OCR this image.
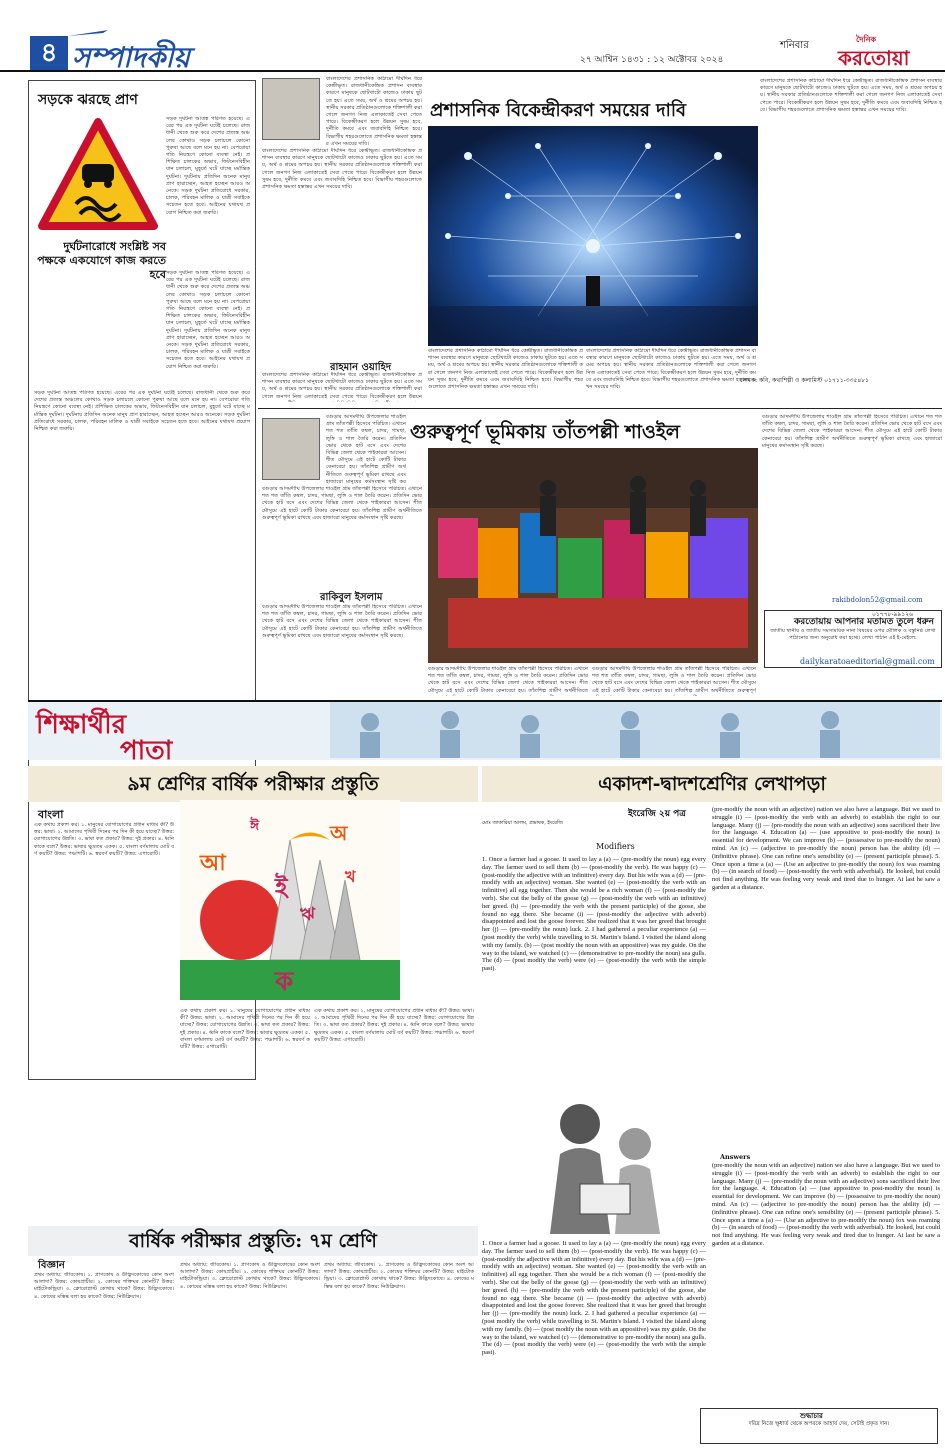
৪ সম্পাদকীয়	শনিবার
২৭ আশ্বিন ১৪৩১ : ১২ অক্টোবর ২০২৪
দৈনিক
করতোয়া
সড়কে ঝরছে প্রাণ
সড়ক দুর্ঘটনা আতঙ্ক পরিণত হয়েছে। এরের পর এক দুর্ঘটনা ঘটেই চলেছে। রাজধানী থেকে শুরু করে দেশের প্রত্যন্ত অঞ্চলের কোথাও সড়ক চলাচলে কোনো পুরুষা আছে বলে মনে হয় না। বেপরোয়া গতি নিয়ন্ত্রণে কোনো ব্যবস্থা নেই। প্রশিক্ষিত চালকের অভাব, ফিটনেসবিহীন যান চলাচল, মুহূর্তে ঘটে যাচ্ছে মর্মান্তিক দুর্ঘটনা। দুর্ঘটনায় প্রতিদিন অনেক মানুষ প্রাণ হারাচ্ছেন, আহত হচ্ছেন আরও অনেকে। সড়ক দুর্ঘটনা প্রতিরোধে সরকার, চালক, পরিবহন মালিক ও যাত্রী সবাইকে সচেতন হতে হবে। আইনের যথাযথ প্রয়োগ নিশ্চিত করা জরুরি।
দুর্ঘটনারোধে সংশ্লিষ্ট সব পক্ষকে একযোগে কাজ করতে হবে সড়ক দুর্ঘটনা আতঙ্ক পরিণত হয়েছে। এরের পর এক দুর্ঘটনা ঘটেই চলেছে। রাজধানী থেকে শুরু করে দেশের প্রত্যন্ত অঞ্চলের কোথাও সড়ক চলাচলে কোনো পুরুষা আছে বলে মনে হয় না। বেপরোয়া গতি নিয়ন্ত্রণে কোনো ব্যবস্থা নেই। প্রশিক্ষিত চালকের অভাব, ফিটনেসবিহীন যান চলাচল, মুহূর্তে ঘটে যাচ্ছে মর্মান্তিক দুর্ঘটনা। দুর্ঘটনায় প্রতিদিন অনেক মানুষ প্রাণ হারাচ্ছেন, আহত হচ্ছেন আরও অনেকে। সড়ক দুর্ঘটনা প্রতিরোধে সরকার, চালক, পরিবহন মালিক ও যাত্রী সবাইকে সচেতন হতে হবে। আইনের যথাযথ প্রয়োগ নিশ্চিত করা জরুরি।
সড়ক দুর্ঘটনা আতঙ্ক পরিণত হয়েছে। এরের পর এক দুর্ঘটনা ঘটেই চলেছে। রাজধানী থেকে শুরু করে দেশের প্রত্যন্ত অঞ্চলের কোথাও সড়ক চলাচলে কোনো পুরুষা আছে বলে মনে হয় না। বেপরোয়া গতি নিয়ন্ত্রণে কোনো ব্যবস্থা নেই। প্রশিক্ষিত চালকের অভাব, ফিটনেসবিহীন যান চলাচল, মুহূর্তে ঘটে যাচ্ছে মর্মান্তিক দুর্ঘটনা। দুর্ঘটনায় প্রতিদিন অনেক মানুষ প্রাণ হারাচ্ছেন, আহত হচ্ছেন আরও অনেকে। সড়ক দুর্ঘটনা প্রতিরোধে সরকার, চালক, পরিবহন মালিক ও যাত্রী সবাইকে সচেতন হতে হবে। আইনের যথাযথ প্রয়োগ নিশ্চিত করা জরুরি।
বাংলাদেশের প্রশাসনিক কাঠামো দীর্ঘদিন ধরে কেন্দ্রীভূত। রাজধানীকেন্দ্রিক প্রশাসন ব্যবস্থার কারণে মানুষকে ছোটখাটো কাজেও ঢাকায় ছুটতে হয়। এতে সময়, অর্থ ও শ্রমের অপচয় হয়। স্থানীয় সরকার প্রতিষ্ঠানগুলোকে শক্তিশালী করা গেলে জনগণ নিজ এলাকাতেই সেবা পেতে পারে। বিকেন্দ্রীকরণ হলে উন্নয়ন সুষম হবে, দুর্নীতি কমবে এবং জবাবদিহি নিশ্চিত হবে। বিভাগীয় শহরগুলোতে প্রশাসনিক ক্ষমতা হস্তান্তর এখন সময়ের দাবি।
বাংলাদেশের প্রশাসনিক কাঠামো দীর্ঘদিন ধরে কেন্দ্রীভূত। রাজধানীকেন্দ্রিক প্রশাসন ব্যবস্থার কারণে মানুষকে ছোটখাটো কাজেও ঢাকায় ছুটতে হয়। এতে সময়, অর্থ ও শ্রমের অপচয় হয়। স্থানীয় সরকার প্রতিষ্ঠানগুলোকে শক্তিশালী করা গেলে জনগণ নিজ এলাকাতেই সেবা পেতে পারে। বিকেন্দ্রীকরণ হলে উন্নয়ন সুষম হবে, দুর্নীতি কমবে এবং জবাবদিহি নিশ্চিত হবে। বিভাগীয় শহরগুলোতে প্রশাসনিক ক্ষমতা হস্তান্তর এখন সময়ের দাবি।
প্রশাসনিক বিকেন্দ্রীকরণ সময়ের দাবি
বাংলাদেশের প্রশাসনিক কাঠামো দীর্ঘদিন ধরে কেন্দ্রীভূত। রাজধানীকেন্দ্রিক প্রশাসন ব্যবস্থার কারণে মানুষকে ছোটখাটো কাজেও ঢাকায় ছুটতে হয়। এতে সময়, অর্থ ও শ্রমের অপচয় হয়। স্থানীয় সরকার প্রতিষ্ঠানগুলোকে শক্তিশালী করা গেলে জনগণ নিজ এলাকাতেই সেবা পেতে পারে। বিকেন্দ্রীকরণ হলে উন্নয়ন সুষম হবে, দুর্নীতি কমবে এবং জবাবদিহি নিশ্চিত হবে। বিভাগীয় শহরগুলোতে প্রশাসনিক ক্ষমতা হস্তান্তর এখন সময়ের দাবি।
বাংলাদেশের প্রশাসনিক কাঠামো দীর্ঘদিন ধরে কেন্দ্রীভূত। রাজধানীকেন্দ্রিক প্রশাসন ব্যবস্থার কারণে মানুষকে ছোটখাটো কাজেও ঢাকায় ছুটতে হয়। এতে সময়, অর্থ ও শ্রমের অপচয় হয়। স্থানীয় সরকার প্রতিষ্ঠানগুলোকে শক্তিশালী করা গেলে জনগণ নিজ এলাকাতেই সেবা পেতে পারে। বিকেন্দ্রীকরণ হলে উন্নয়ন সুষম হবে, দুর্নীতি কমবে এবং জবাবদিহি নিশ্চিত হবে। বিভাগীয় শহরগুলোতে প্রশাসনিক ক্ষমতা হস্তান্তর এখন সময়ের দাবি।
বাংলাদেশের প্রশাসনিক কাঠামো দীর্ঘদিন ধরে কেন্দ্রীভূত। রাজধানীকেন্দ্রিক প্রশাসন ব্যবস্থার কারণে মানুষকে ছোটখাটো কাজেও ঢাকায় ছুটতে হয়। এতে সময়, অর্থ ও শ্রমের অপচয় হয়। স্থানীয় সরকার প্রতিষ্ঠানগুলোকে শক্তিশালী করা গেলে জনগণ নিজ এলাকাতেই সেবা পেতে পারে। বিকেন্দ্রীকরণ হলে উন্নয়ন সুষম হবে, দুর্নীতি কমবে এবং জবাবদিহি নিশ্চিত হবে। বিভাগীয় শহরগুলোতে প্রশাসনিক ক্ষমতা হস্তান্তর এখন সময়ের দাবি।
লেখক: কবি, কথাশিল্পী ও কলামিস্ট ০১৭১১-৩৩৫৪৮১
রাহমান ওয়াহিদ
বাংলাদেশের প্রশাসনিক কাঠামো দীর্ঘদিন ধরে কেন্দ্রীভূত। রাজধানীকেন্দ্রিক প্রশাসন ব্যবস্থার কারণে মানুষকে ছোটখাটো কাজেও ঢাকায় ছুটতে হয়। এতে সময়, অর্থ ও শ্রমের অপচয় হয়। স্থানীয় সরকার প্রতিষ্ঠানগুলোকে শক্তিশালী করা গেলে জনগণ নিজ এলাকাতেই সেবা পেতে পারে। বিকেন্দ্রীকরণ হলে উন্নয়ন
বগুড়ার আদমদীঘি উপজেলার শাওইল গ্রাম তাঁতপল্লী হিসেবে পরিচিত। এখানে শত শত তাঁতি কম্বল, চাদর, গামছা, লুঙ্গি ও শাল তৈরি করেন। প্রতিদিন ভোর থেকে হাট বসে এবং দেশের বিভিন্ন জেলা থেকে পাইকাররা আসেন। শীত মৌসুমে এই হাটে কোটি টাকার কেনাবেচা হয়। তাঁতশিল্প গ্রামীণ অর্থনীতিতে গুরুত্বপূর্ণ ভূমিকা রাখছে এবং হাজারো মানুষের কর্মসংস্থান সৃষ্টি কর
গুরুত্বপূর্ণ ভূমিকায় তাঁতপল্লী শাওইল
বগুড়ার আদমদীঘি উপজেলার শাওইল গ্রাম তাঁতপল্লী হিসেবে পরিচিত। এখানে শত শত তাঁতি কম্বল, চাদর, গামছা, লুঙ্গি ও শাল তৈরি করেন। প্রতিদিন ভোর থেকে হাট বসে এবং দেশের বিভিন্ন জেলা থেকে পাইকাররা আসেন। শীত মৌসুমে এই হাটে কোটি টাকার কেনাবেচা হয়। তাঁতশিল্প গ্রামীণ অর্থনীতিতে গুরুত্বপূর্ণ ভূমিকা রাখছে এবং হাজারো মানুষের কর্মসংস্থান সৃষ্টি করছে।
রাকিবুল ইসলাম
বগুড়ার আদমদীঘি উপজেলার শাওইল গ্রাম তাঁতপল্লী হিসেবে পরিচিত। এখানে শত শত তাঁতি কম্বল, চাদর, গামছা, লুঙ্গি ও শাল তৈরি করেন। প্রতিদিন ভোর থেকে হাট বসে এবং দেশের বিভিন্ন জেলা থেকে পাইকাররা আসেন। শীত মৌসুমে এই হাটে কোটি টাকার কেনাবেচা হয়। তাঁতশিল্প গ্রামীণ অর্থনীতিতে গুরুত্বপূর্ণ ভূমিকা রাখছে এবং হাজারো মানুষের কর্মসংস্থান সৃষ্টি করছে।
বগুড়ার আদমদীঘি উপজেলার শাওইল গ্রাম তাঁতপল্লী হিসেবে পরিচিত। এখানে শত শত তাঁতি কম্বল, চাদর, গামছা, লুঙ্গি ও শাল তৈরি করেন। প্রতিদিন ভোর থেকে হাট বসে এবং দেশের বিভিন্ন জেলা থেকে পাইকাররা আসেন। শীত মৌসুমে এই হাটে কোটি টাকার কেনাবেচা হয়। তাঁতশিল্প গ্রামীণ অর্থনীতিতে
বগুড়ার আদমদীঘি উপজেলার শাওইল গ্রাম তাঁতপল্লী হিসেবে পরিচিত। এখানে শত শত তাঁতি কম্বল, চাদর, গামছা, লুঙ্গি ও শাল তৈরি করেন। প্রতিদিন ভোর থেকে হাট বসে এবং দেশের বিভিন্ন জেলা থেকে পাইকাররা আসেন। শীত মৌসুমে এই হাটে কোটি টাকার কেনাবেচা হয়। তাঁতশিল্প গ্রামীণ অর্থনীতিতে গুরুত্বপূর্ণ
বগুড়ার আদমদীঘি উপজেলার শাওইল গ্রাম তাঁতপল্লী হিসেবে পরিচিত। এখানে শত শত তাঁতি কম্বল, চাদর, গামছা, লুঙ্গি ও শাল তৈরি করেন। প্রতিদিন ভোর থেকে হাট বসে এবং দেশের বিভিন্ন জেলা থেকে পাইকাররা আসেন। শীত মৌসুমে এই হাটে কোটি টাকার কেনাবেচা হয়। তাঁতশিল্প গ্রামীণ অর্থনীতিতে গুরুত্বপূর্ণ ভূমিকা রাখছে এবং হাজারো মানুষের কর্মসংস্থান সৃষ্টি করছে।
rakibdolon52@gmail.com
০১৭৭৮-৯৯১২৬
করতোয়ায় আপনার মতামত তুলে ধরুন
জাতীয় স্থানীয় ও জাতীয় সমসাময়িক নানা বিষয়ের ওপর মৌলিক ও বস্তুনিষ্ঠ লেখা পাঠানোর জন্য অনুরোধ করা হচ্ছে। লেখা পাঠান এই ই-মেইলে:
dailykaratoaeditorial@gmail.com
শিক্ষার্থীর
পাতা
৯ম শ্রেণির বার্ষিক পরীক্ষার প্রস্তুতি
বাংলা
এক কথায় প্রকাশ কর। ১. মানুষের যোগাযোগের প্রধান মাধ্যম কী? উত্তর: ভাষা। ২. আমাদের পৃথিবী দিনের পর দিন কী হয়ে যাচ্ছে? উত্তর: যোগাযোগের উন্নতি। ৩. ভাষা কত প্রকার? উত্তর: দুই প্রকার। ৪. ধ্বনি কাকে বলে? উত্তর: ভাষার ক্ষুদ্রতম একক। ৫. বাংলা বর্ণমালায় মোট বর্ণ কয়টি? উত্তর: পঞ্চাশটি। ৬. স্বরবর্ণ কয়টি? উত্তর: এগারোটি।	আ
ঈ
ই
অ
খ
ঋ
ক
এক কথায় প্রকাশ কর। ১. মানুষের যোগাযোগের প্রধান মাধ্যম কী? উত্তর: ভাষা। ২. আমাদের পৃথিবী দিনের পর দিন কী হয়ে যাচ্ছে? উত্তর: যোগাযোগের উন্নতি। ৩. ভাষা কত প্রকার? উত্তর: দুই প্রকার। ৪. ধ্বনি কাকে বলে? উত্তর: ভাষার ক্ষুদ্রতম একক। ৫. বাংলা বর্ণমালায় মোট বর্ণ কয়টি? উত্তর: পঞ্চাশটি। ৬. স্বরবর্ণ কয়টি? উত্তর: এগারোটি।
এক কথায় প্রকাশ কর। ১. মানুষের যোগাযোগের প্রধান মাধ্যম কী? উত্তর: ভাষা। ২. আমাদের পৃথিবী দিনের পর দিন কী হয়ে যাচ্ছে? উত্তর: যোগাযোগের উন্নতি। ৩. ভাষা কত প্রকার? উত্তর: দুই প্রকার। ৪. ধ্বনি কাকে বলে? উত্তর: ভাষার ক্ষুদ্রতম একক। ৫. বাংলা বর্ণমালায় মোট বর্ণ কয়টি? উত্তর: পঞ্চাশটি। ৬. স্বরবর্ণ কয়টি? উত্তর: এগারোটি।
বার্ষিক পরীক্ষার প্রস্তুতি: ৭ম শ্রেণি
বিজ্ঞান
প্রথম অধ্যায়: জীবকোষ। ১. প্রাণকোষ ও উদ্ভিদকোষের কোন অংশ আলাদা? উত্তর: কোষপ্রাচীর। ২. কোষের শক্তিঘর কোনটি? উত্তর: মাইটোকন্ড্রিয়া। ৩. ক্লোরোপ্লাস্ট কোথায় থাকে? উত্তর: উদ্ভিদকোষে। ৪. কোষের মস্তিষ্ক বলা হয় কাকে? উত্তর: নিউক্লিয়াস।
প্রথম অধ্যায়: জীবকোষ। ১. প্রাণকোষ ও উদ্ভিদকোষের কোন অংশ আলাদা? উত্তর: কোষপ্রাচীর। ২. কোষের শক্তিঘর কোনটি? উত্তর: মাইটোকন্ড্রিয়া। ৩. ক্লোরোপ্লাস্ট কোথায় থাকে? উত্তর: উদ্ভিদকোষে। ৪. কোষের মস্তিষ্ক বলা হয় কাকে? উত্তর: নিউক্লিয়াস।
প্রথম অধ্যায়: জীবকোষ। ১. প্রাণকোষ ও উদ্ভিদকোষের কোন অংশ আলাদা? উত্তর: কোষপ্রাচীর। ২. কোষের শক্তিঘর কোনটি? উত্তর: মাইটোকন্ড্রিয়া। ৩. ক্লোরোপ্লাস্ট কোথায় থাকে? উত্তর: উদ্ভিদকোষে। ৪. কোষের মস্তিষ্ক বলা হয় কাকে? উত্তর: নিউক্লিয়াস।
একাদশ-দ্বাদশশ্রেণির লেখাপড়া
ইংরেজি ২য় পত্র
মোঃ জাকারিয়া আলম, প্রভাষক, ইংরেজি
Modifiers
1. Once a farmer had a goose. It used to lay a (a) — (pre-modify the noun) egg every day. The farmer used to sell them (b) — (post-modify the verb). He was happy (c) — (post-modify the adjective with an infinitive) every day. But his wife was a (d) — (pre-modify with an adjective) woman. She wanted (e) — (post-modify the verb with an infinitive) all egg together. Then she would be a rich woman (f) — (post-modify the verb). She cut the belly of the goose (g) — (post-modify the verb with an infinitive) her greed. (h) — (pre-modify the verb with the present participle) of the goose, she found no egg there. She became (i) — (post-modify the adjective with adverb) disappointed and lost the goose forever. She realized that it was her greed that brought her (j) — (pre-modify the noun) luck. 2. I had gathered a peculiar experience (a) — (post modify the verb) while travelling to St. Martin's Island. I visited the island along with my family. (b) — (post modify the noun with an appositive) was my guide. On the way to the island, we watched (c) — (demonstrative to pre-modify the noun) sea gulls. The (d) — (post modify the verb) were (e) — (post-modify the verb with the simple past).
1. Once a farmer had a goose. It used to lay a (a) — (pre-modify the noun) egg every day. The farmer used to sell them (b) — (post-modify the verb). He was happy (c) — (post-modify the adjective with an infinitive) every day. But his wife was a (d) — (pre-modify with an adjective) woman. She wanted (e) — (post-modify the verb with an infinitive) all egg together. Then she would be a rich woman (f) — (post-modify the verb). She cut the belly of the goose (g) — (post-modify the verb with an infinitive) her greed. (h) — (pre-modify the verb with the present participle) of the goose, she found no egg there. She became (i) — (post-modify the adjective with adverb) disappointed and lost the goose forever. She realized that it was her greed that brought her (j) — (pre-modify the noun) luck. 2. I had gathered a peculiar experience (a) — (post modify the verb) while travelling to St. Martin's Island. I visited the island along with my family. (b) — (post modify the noun with an appositive) was my guide. On the way to the island, we watched (c) — (demonstrative to pre-modify the noun) sea gulls. The (d) — (post modify the verb) were (e) — (post-modify the verb with the simple past).
(pre-modify the noun with an adjective) nation we also have a language. But we used to struggle (i) — (post-modify the verb with an adverb) to establish the right to our language. Many (j) — (pre-modify the noun with an adjective) sons sacrificed their live for the language. 4. Education (a) — (use appositive to post-modify the noun) is essential for development. We can improve (b) — (possessive to pre-modify the noun) mind. An (c) — (adjective to pre-modify the noun) person has the ability (d) — (infinitive phrase). One can refine one's sensibility (e) — (present participle phrase). 5. Once upon a time a (a) — (Use an adjective to pre-modify the noun) fox was roaming (b) — (in search of food) — (post-modify the verb with adverbial). He looked, but could not find anything. He was feeling very weak and tired due to hunger. At last he saw a garden at a distance.
Answers
(pre-modify the noun with an adjective) nation we also have a language. But we used to struggle (i) — (post-modify the verb with an adverb) to establish the right to our language. Many (j) — (pre-modify the noun with an adjective) sons sacrificed their live for the language. 4. Education (a) — (use appositive to post-modify the noun) is essential for development. We can improve (b) — (possessive to pre-modify the noun) mind. An (c) — (adjective to pre-modify the noun) person has the ability (d) — (infinitive phrase). One can refine one's sensibility (e) — (present participle phrase). 5. Once upon a time a (a) — (Use an adjective to pre-modify the noun) fox was roaming (b) — (in search of food) — (post-modify the verb with adverbial). He looked, but could not find anything. He was feeling very weak and tired due to hunger. At last he saw a garden at a distance.
শুদ্ধাচার
দরিদ্র নিজে ক্ষুধার্ত থেকে অপরকে আহার্য দেয়, সেটাই প্রকৃত দান।
